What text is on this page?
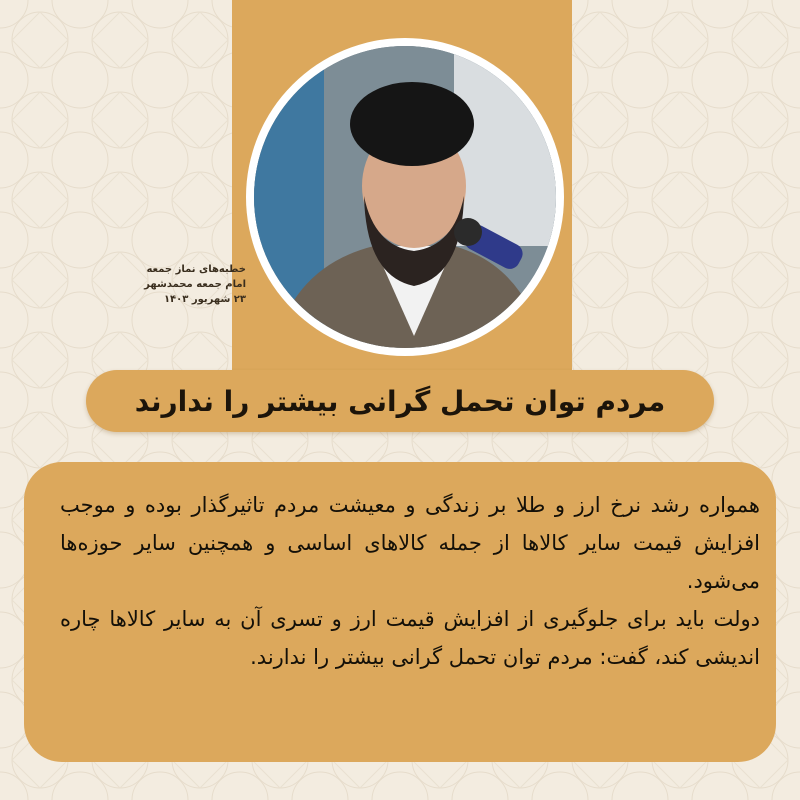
خطبه‌های نماز جمعه
امام جمعه محمدشهر
۲۳ شهریور ۱۴۰۳
مردم توان تحمل گرانی بیشتر را ندارند

همواره رشد نرخ ارز و طلا بر زندگی و معیشت مردم تاثیرگذار بوده و موجب افزایش قیمت سایر کالاها از جمله کالاهای اساسی و همچنین سایر حوزه‌ها می‌شود.

دولت باید برای جلوگیری از افزایش قیمت ارز و تسری آن به سایر کالاها چاره اندیشی کند، گفت: مردم توان تحمل گرانی بیشتر را ندارند.
